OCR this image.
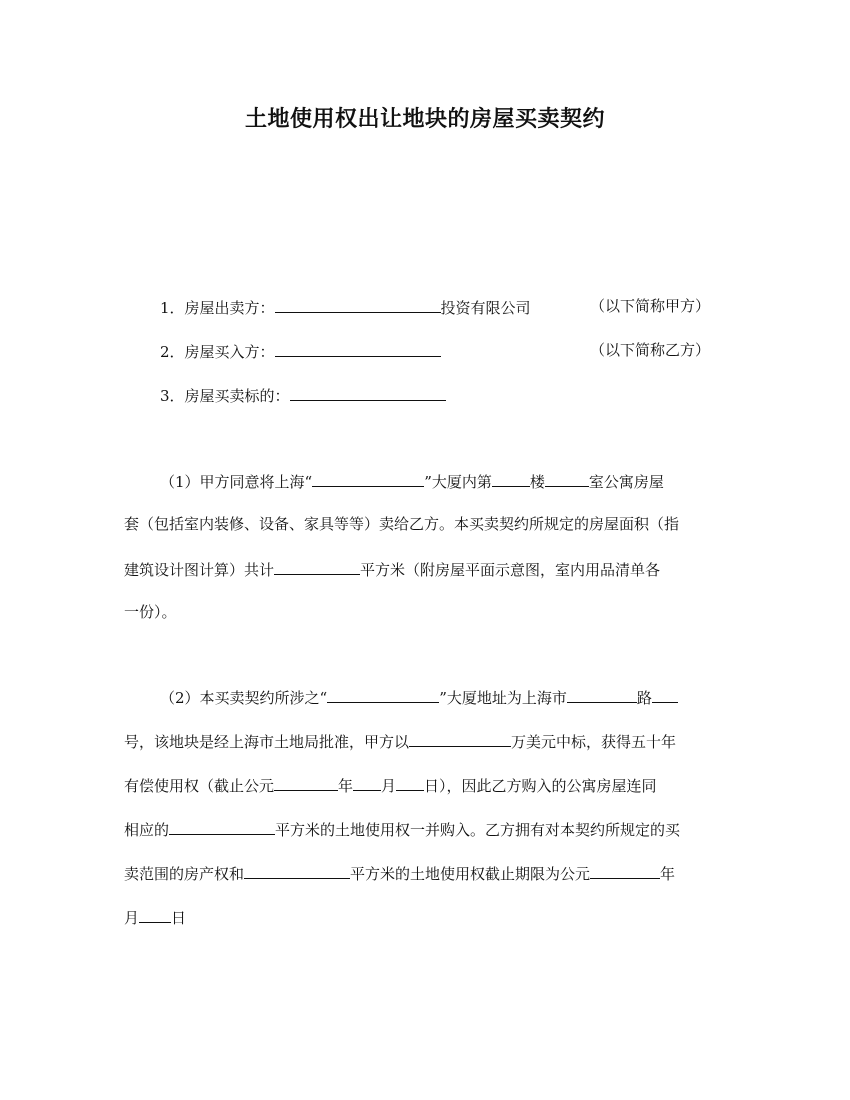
土地使用权出让地块的房屋买卖契约
1．房屋出卖方：	投资有限公司	（以下简称甲方）
2．房屋买入方：	（以下简称乙方）
3．房屋买卖标的：
（1）甲方同意将上海“	”大厦内第	楼	室公寓房屋
套（包括室内装修、设备、家具等等）卖给乙方。本买卖契约所规定的房屋面积（指
建筑设计图计算）共计	平方米（附房屋平面示意图，室内用品清单各
一份）。
（2）本买卖契约所涉之“	”大厦地址为上海市	路
号，该地块是经上海市土地局批准，甲方以	万美元中标，获得五十年
有偿使用权（截止公元	年 月 日），因此乙方购入的公寓房屋连同
相应的	平方米的土地使用权一并购入。乙方拥有对本契约所规定的买
卖范围的房产权和	平方米的土地使用权截止期限为公元	年
月 日
